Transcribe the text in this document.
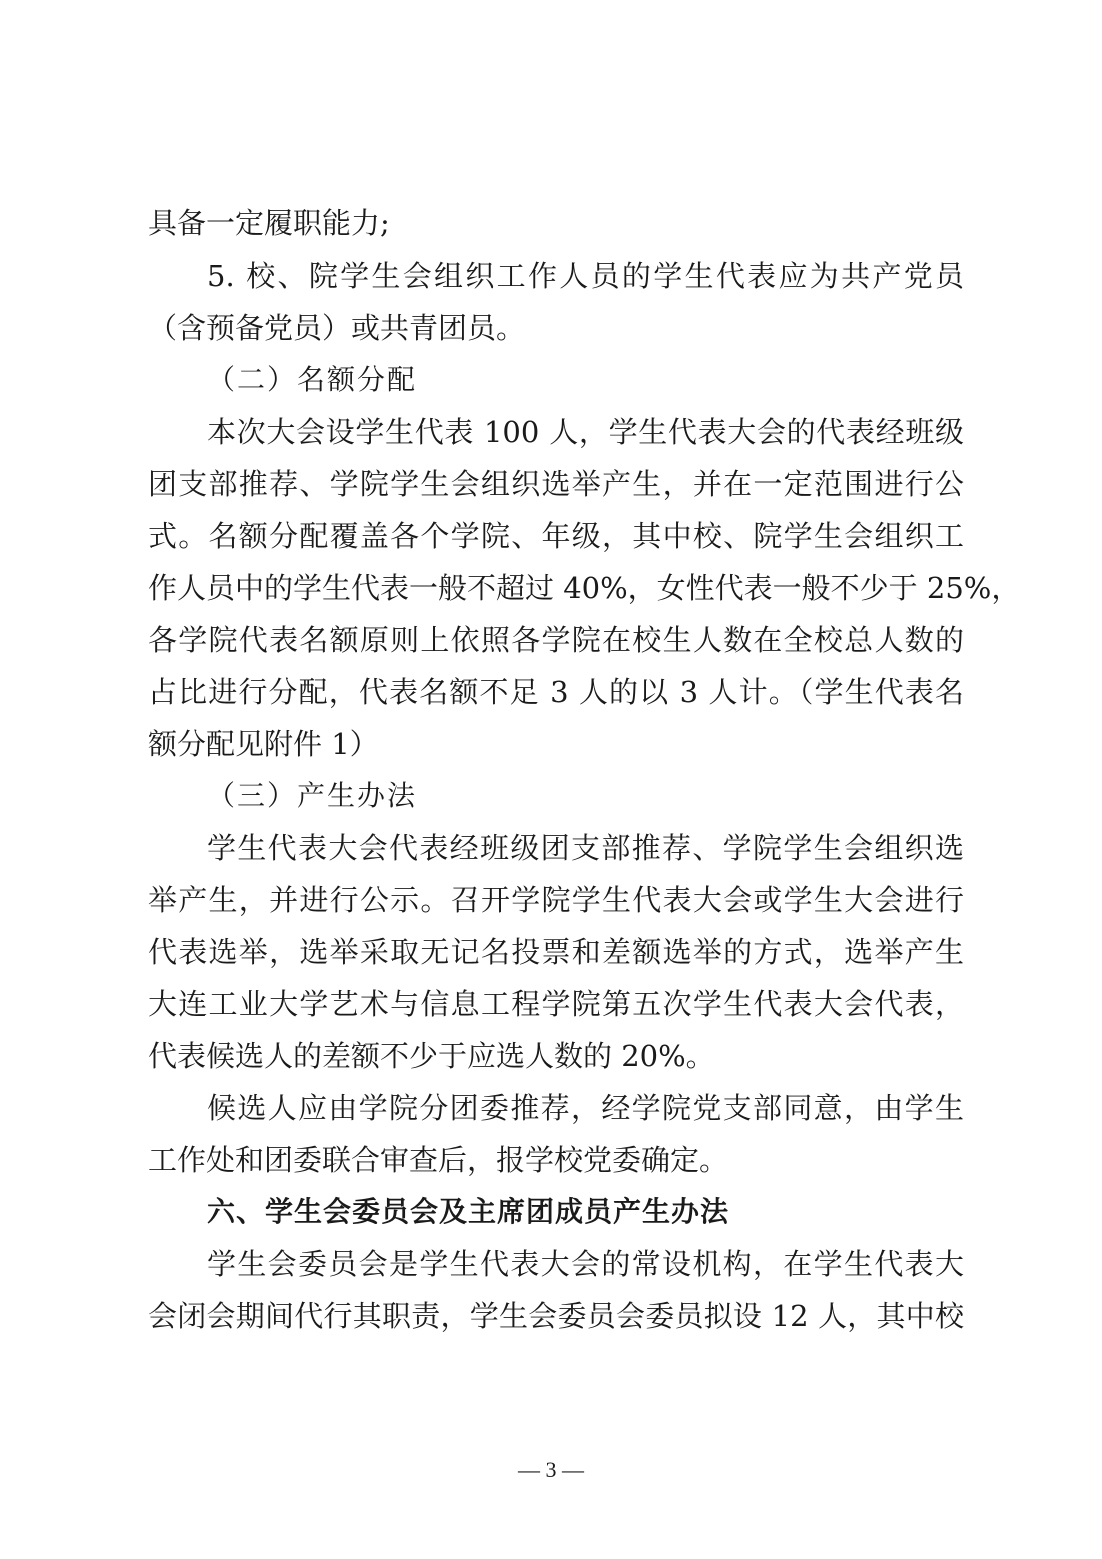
具备一定履职能力;
5. 校、院学生会组织工作人员的学生代表应为共产党员
（含预备党员）或共青团员。
（二）名额分配
本次大会设学生代表 100 人，学生代表大会的代表经班级
团支部推荐、学院学生会组织选举产生，并在一定范围进行公
式。名额分配覆盖各个学院、年级，其中校、院学生会组织工
作人员中的学生代表一般不超过 40%，女性代表一般不少于 25%，
各学院代表名额原则上依照各学院在校生人数在全校总人数的
占比进行分配，代表名额不足 3 人的以 3 人计。（学生代表名
额分配见附件 1）
（三）产生办法
学生代表大会代表经班级团支部推荐、学院学生会组织选
举产生，并进行公示。召开学院学生代表大会或学生大会进行
代表选举，选举采取无记名投票和差额选举的方式，选举产生
大连工业大学艺术与信息工程学院第五次学生代表大会代表，
代表候选人的差额不少于应选人数的 20%。
候选人应由学院分团委推荐，经学院党支部同意，由学生
工作处和团委联合审查后，报学校党委确定。
六、学生会委员会及主席团成员产生办法
学生会委员会是学生代表大会的常设机构，在学生代表大
会闭会期间代行其职责，学生会委员会委员拟设 12 人，其中校
— 3 —
